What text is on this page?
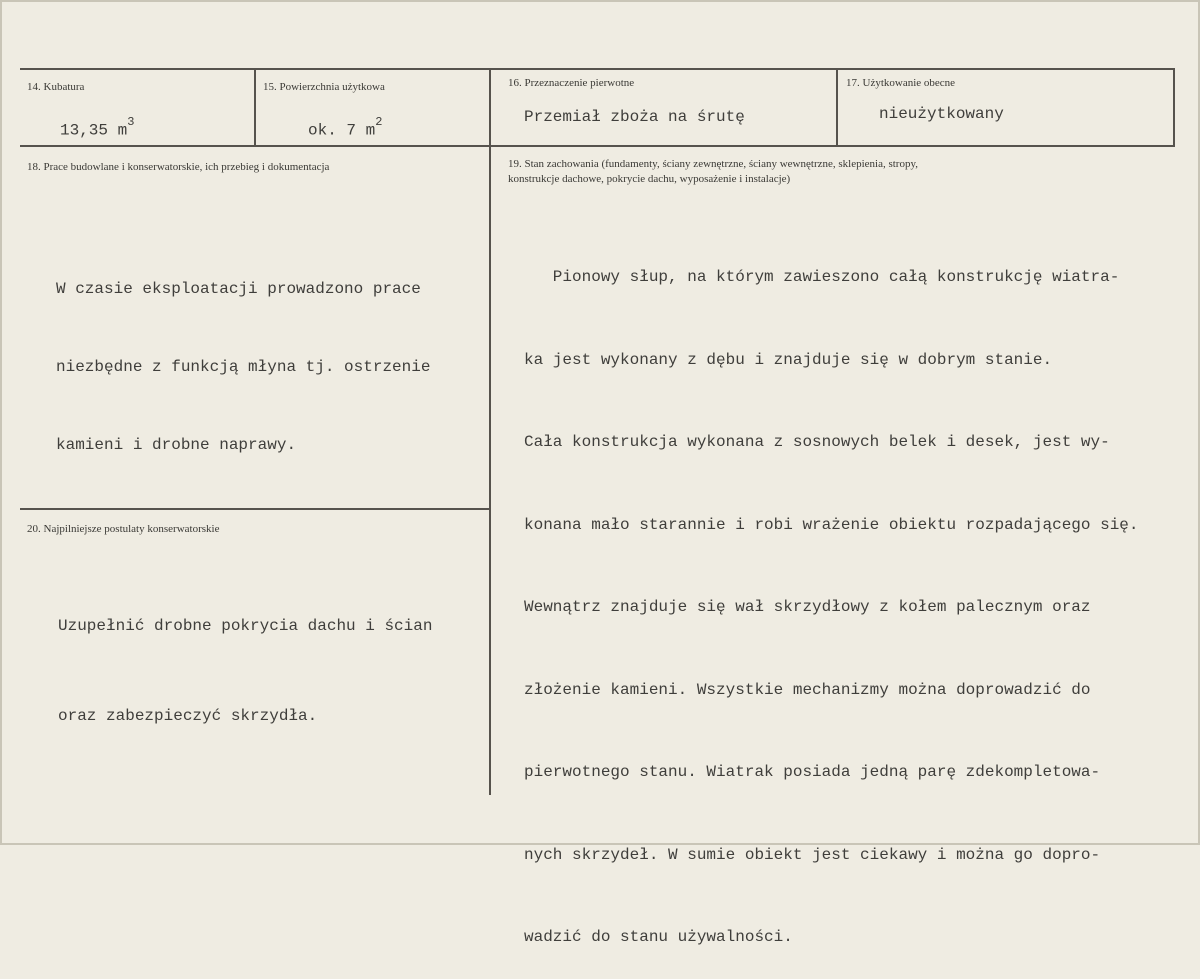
14. Kubatura
13,35 $m^3$
15. Powierzchnia użytkowa
ok. 7 $m^2$
16. Przeznaczenie pierwotne
Przemiał zboża na śrutę
17. Użytkowanie obecne
nieużytkowany
18. Prace budowlane i konserwatorskie, ich przebieg i dokumentacja

W czasie eksploatacji prowadzono prace

niezbędne z funkcją młyna tj. ostrzenie

kamieni i drobne naprawy.

19. Stan zachowania (fundamenty, ściany zewnętrzne, ściany wewnętrzne, sklepienia, stropy,
konstrukcje dachowe, pokrycie dachu, wyposażenie i instalacje)

Pionowy słup, na którym zawieszono całą konstrukcję wiatra-

ka jest wykonany z dębu i znajduje się w dobrym stanie.

Cała konstrukcja wykonana z sosnowych belek i desek, jest wy-

konana mało starannie i robi wrażenie obiektu rozpadającego się.

Wewnątrz znajduje się wał skrzydłowy z kołem palecznym oraz

złożenie kamieni. Wszystkie mechanizmy można doprowadzić do

pierwotnego stanu. Wiatrak posiada jedną parę zdekompletowa-

nych skrzydeł. W sumie obiekt jest ciekawy i można go dopro-

wadzić do stanu używalności.

20. Najpilniejsze postulaty konserwatorskie

Uzupełnić drobne pokrycia dachu i ścian

oraz zabezpieczyć skrzydła.
